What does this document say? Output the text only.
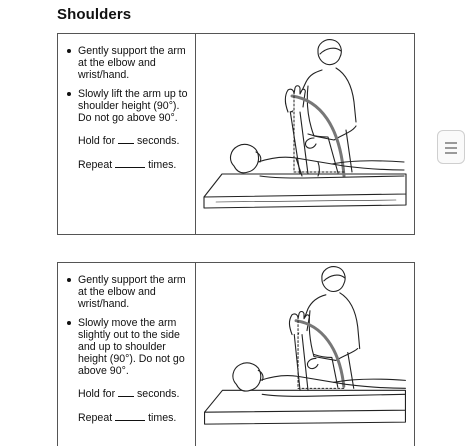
Shoulders
Gently support the arm at the elbow and wrist/hand.
Slowly lift the arm up to shoulder height (90°). Do not go above 90°.
Hold for seconds.
Repeat	times.
Gently support the arm at the elbow and wrist/hand.
Slowly move the arm slightly out to the side and up to shoulder height (90°). Do not go above 90°.
Hold for seconds.
Repeat	times.
